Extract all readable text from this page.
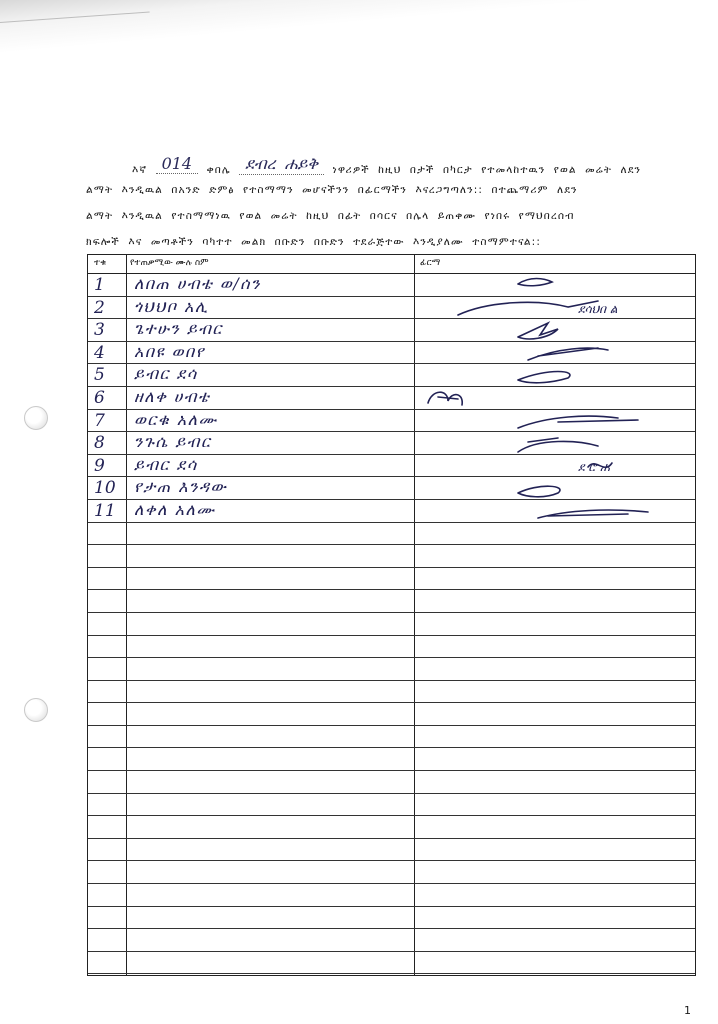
እኛ 014 ቀበሌ ደብረ ሐይቅ ነዋሪዎች ከዚህ በታች በካርታ የተመላከተዉን የወል መሬት ለደን
ልማት እንዲዉል በአንድ ድምፅ የተስማማን መሆናችንን በፊርማችን እናረጋግጣለን:: በተጨማሪም ለደን
ልማት እንዲዉል የተስማማነዉ የወል መሬት ከዚህ በፊት በሳርና በሌላ ይጠቀሙ የነበሩ የማህበረሰብ
ክፍሎች እና መጣቶችን ባካተተ መልክ በቡድን በቡድን ተደራጅተው እንዲያለሙ ተስማምተናል::
ተቁ	የተጠቃሚው ሙሉ ስም	ፊርማ
1	ለበጠ ሀብቴ ወ/ሰን
2	ጎህህቦ አሊ	ደሳህበ ል
3	ጌተሁን ይብር
4	አበዩ ወበየ
5	ይብር ደሳ
6	ዘለቀ ሀብቴ
7	ወርቁ አለሙ
8	ንጉሴ ይብር
9	ይብር ደሳ	ደ ሮ ሐ
10	የታጠ እንዳው
11	ለቀለ አለሙ
1
